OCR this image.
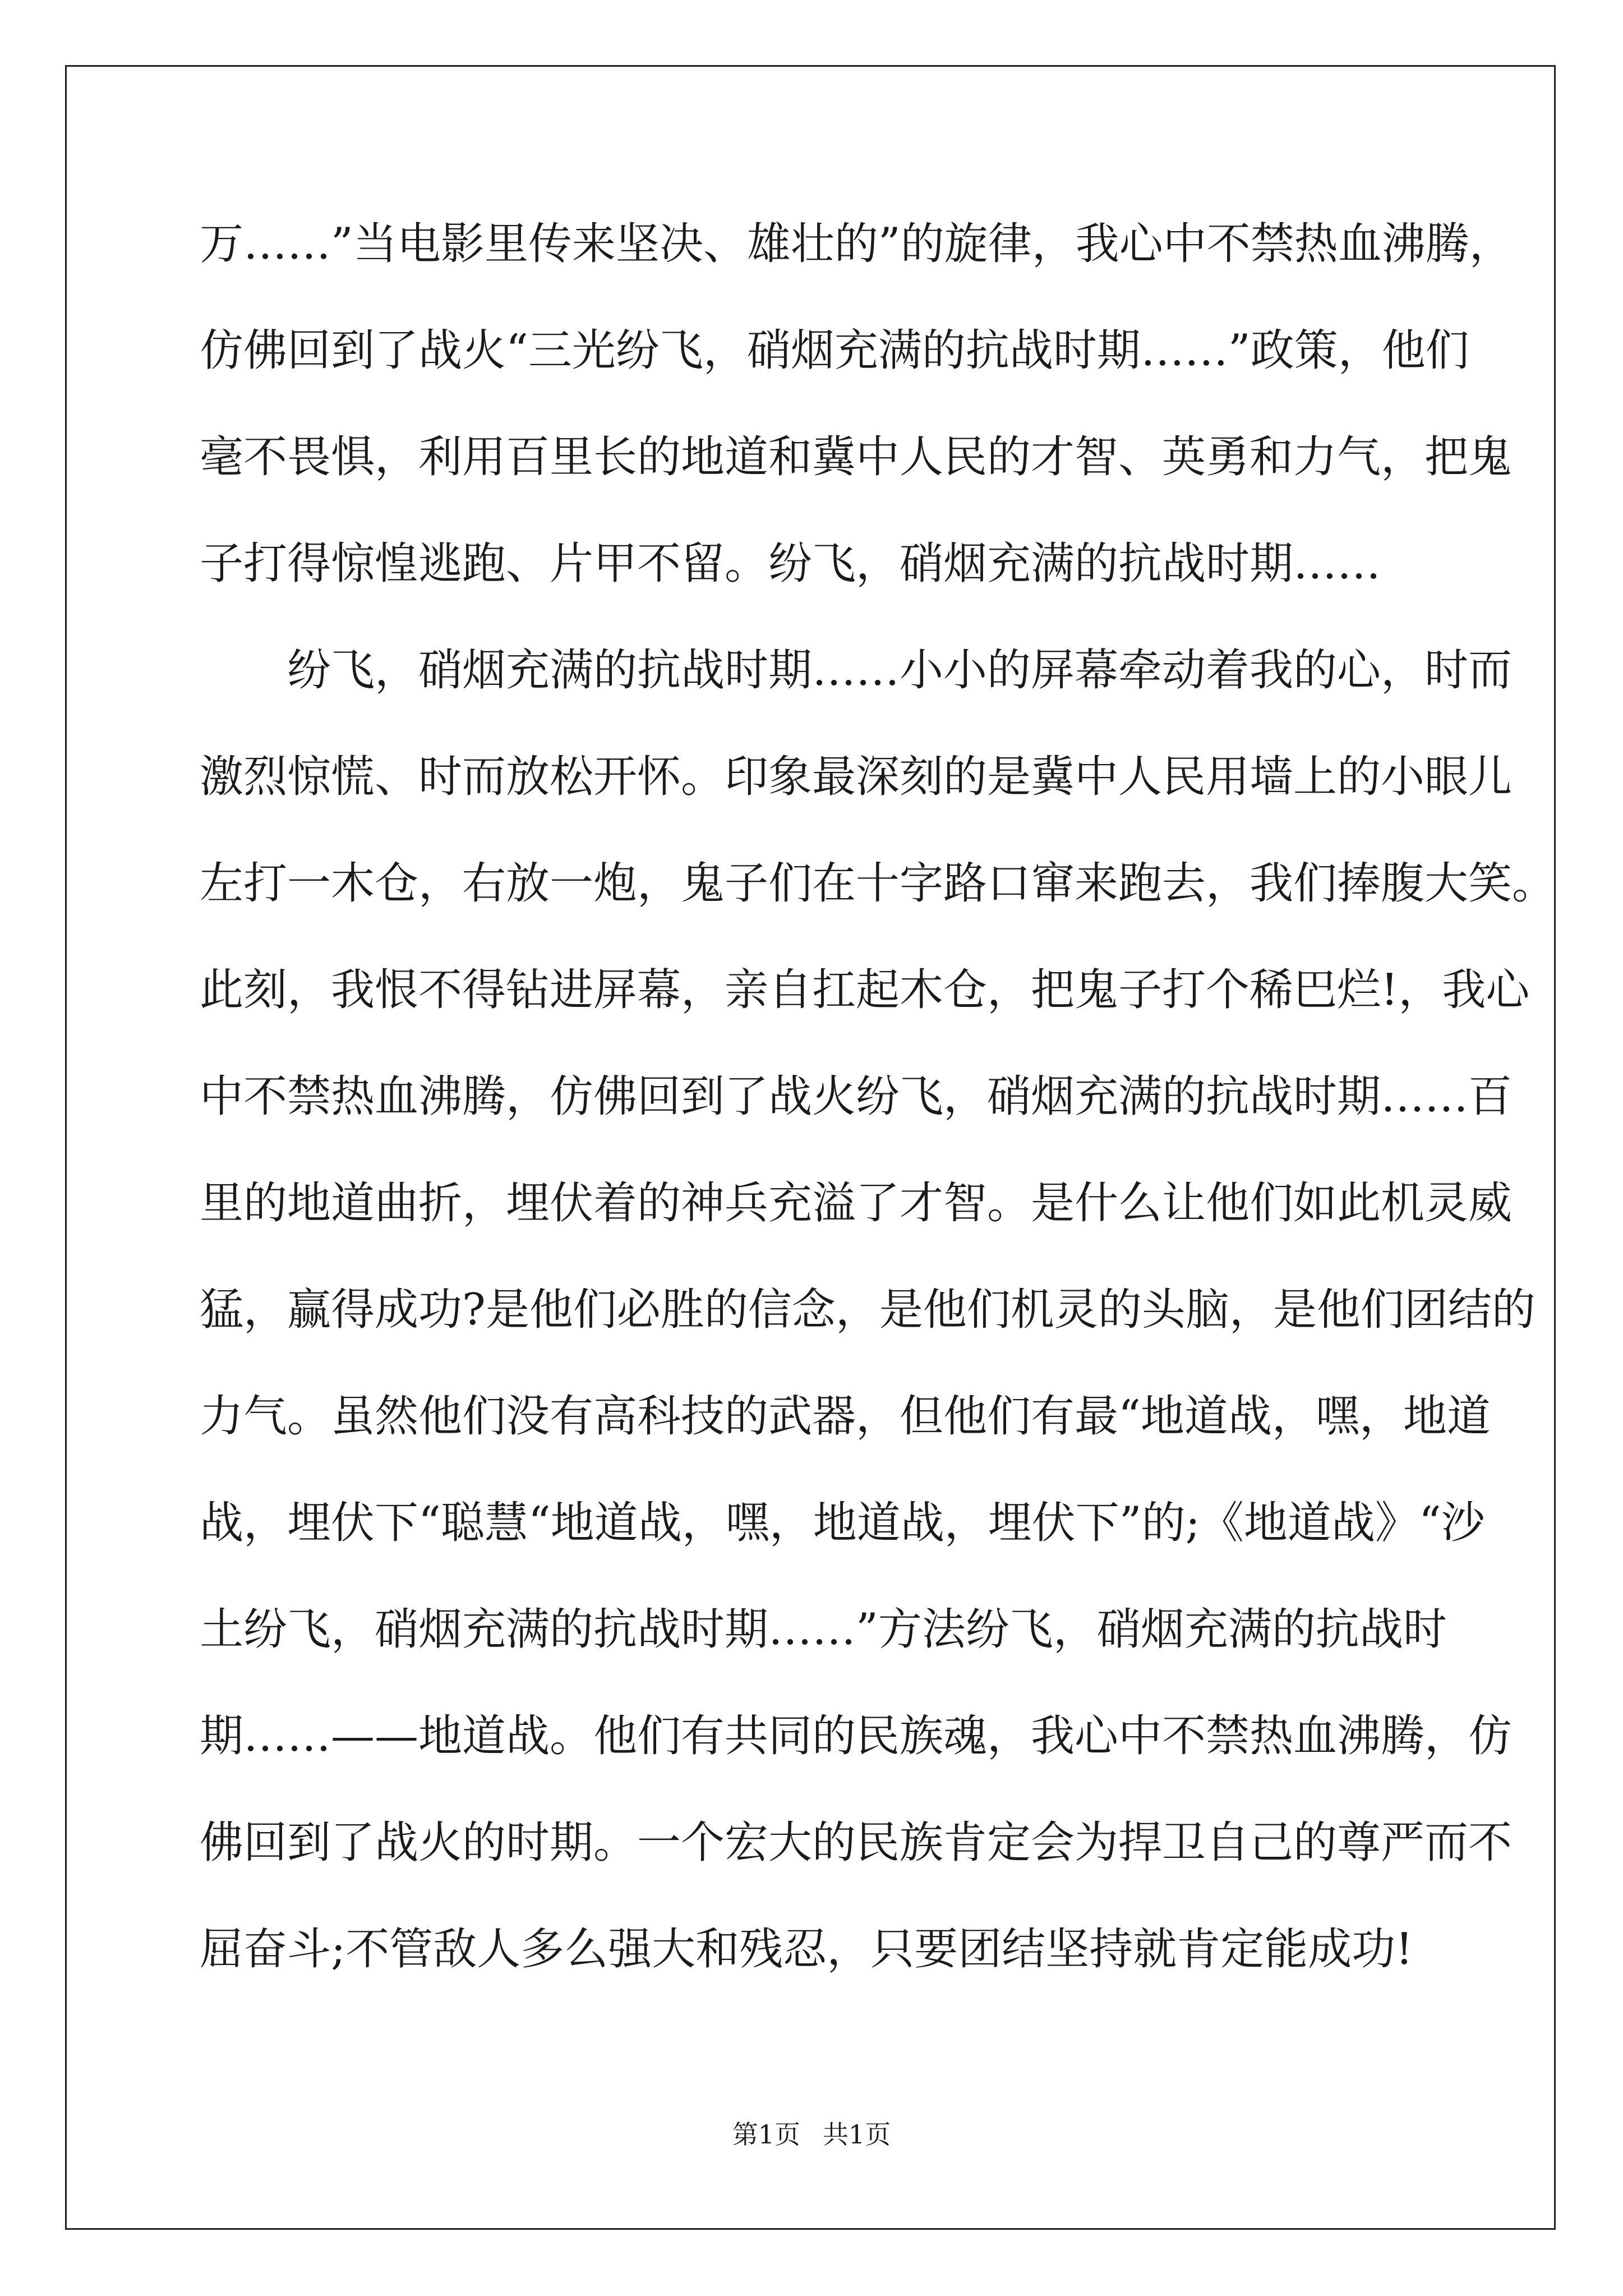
万……”当电影里传来坚决、雄壮的”的旋律，我心中不禁热血沸腾，

仿佛回到了战火“三光纷飞，硝烟充满的抗战时期……”政策，他们

毫不畏惧，利用百里长的地道和冀中人民的才智、英勇和力气，把鬼

子打得惊惶逃跑、片甲不留。纷飞，硝烟充满的抗战时期……

纷飞，硝烟充满的抗战时期……小小的屏幕牵动着我的心，时而

激烈惊慌、时而放松开怀。印象最深刻的是冀中人民用墙上的小眼儿

左打一木仓，右放一炮，鬼子们在十字路口窜来跑去，我们捧腹大笑。

此刻，我恨不得钻进屏幕，亲自扛起木仓，把鬼子打个稀巴烂!，我心

中不禁热血沸腾，仿佛回到了战火纷飞，硝烟充满的抗战时期……百

里的地道曲折，埋伏着的神兵充溢了才智。是什么让他们如此机灵威

猛，赢得成功?是他们必胜的信念，是他们机灵的头脑，是他们团结的

力气。虽然他们没有高科技的武器，但他们有最“地道战，嘿，地道

战，埋伏下“聪慧“地道战，嘿，地道战，埋伏下”的;《地道战》“沙

土纷飞，硝烟充满的抗战时期……”方法纷飞，硝烟充满的抗战时

期……——地道战。他们有共同的民族魂，我心中不禁热血沸腾，仿

佛回到了战火的时期。一个宏大的民族肯定会为捍卫自己的尊严而不

屈奋斗;不管敌人多么强大和残忍，只要团结坚持就肯定能成功!

第1页 共1页
